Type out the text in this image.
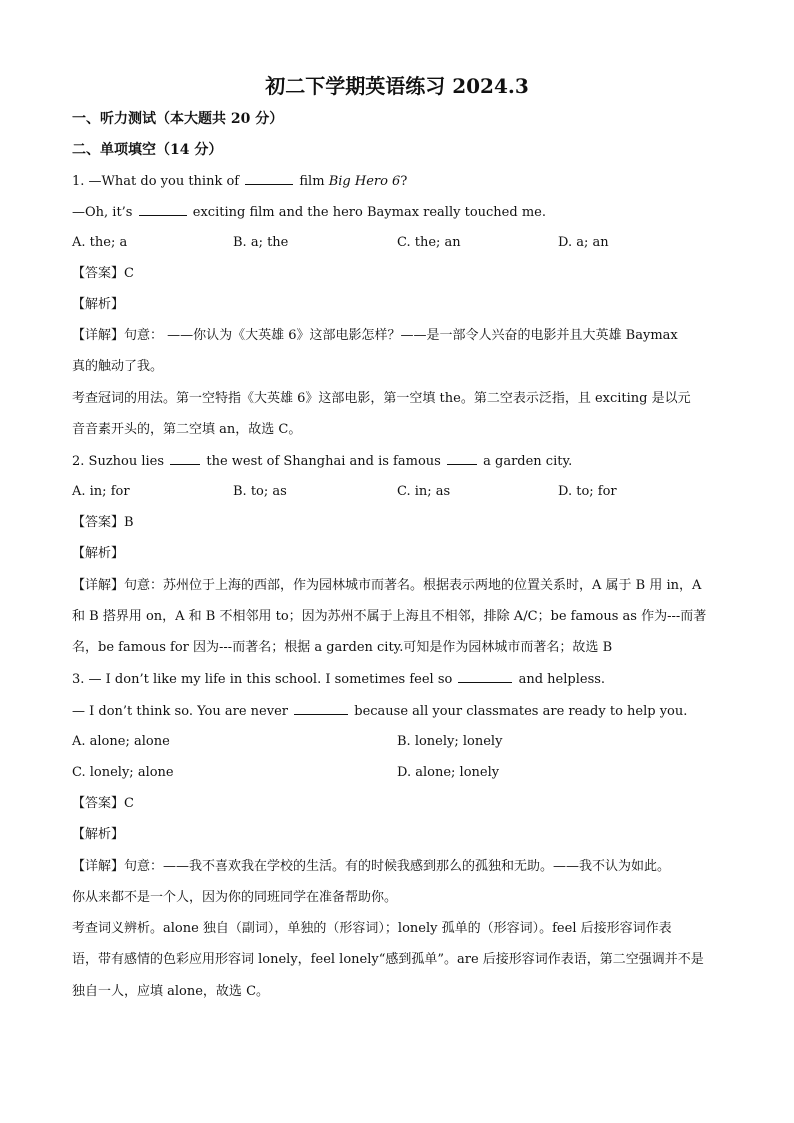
初二下学期英语练习 2024.3
一、听力测试（本大题共 20 分）
二、单项填空（14 分）
1. —What do you think of	film Big Hero 6?
—Oh, it’s	exciting film and the hero Baymax really touched me.
A. the; a	B. a; the	C. the; an	D. a; an
【答案】C
【解析】
【详解】句意： ——你认为《大英雄 6》这部电影怎样？——是一部令人兴奋的电影并且大英雄 Baymax
真的触动了我。
考查冠词的用法。第一空特指《大英雄 6》这部电影，第一空填 the。第二空表示泛指，且 exciting 是以元
音音素开头的，第二空填 an，故选 C。
2. Suzhou lies	the west of Shanghai and is famous	a garden city.
A. in; for	B. to; as	C. in; as	D. to; for
【答案】B
【解析】
【详解】句意：苏州位于上海的西部，作为园林城市而著名。根据表示两地的位置关系时，A 属于 B 用 in，A
和 B 搭界用 on，A 和 B 不相邻用 to；因为苏州不属于上海且不相邻，排除 A/C；be famous as 作为---而著
名，be famous for 因为---而著名；根据 a garden city.可知是作为园林城市而著名；故选 B
3. — I don’t like my life in this school. I sometimes feel so	and helpless.
— I don’t think so. You are never	because all your classmates are ready to help you.
A. alone; alone	B. lonely; lonely
C. lonely; alone	D. alone; lonely
【答案】C
【解析】
【详解】句意：——我不喜欢我在学校的生活。有的时候我感到那么的孤独和无助。——我不认为如此。
你从来都不是一个人，因为你的同班同学在准备帮助你。
考查词义辨析。alone 独自（副词），单独的（形容词）；lonely 孤单的（形容词）。feel 后接形容词作表
语，带有感情的色彩应用形容词 lonely，feel lonely“感到孤单”。are 后接形容词作表语，第二空强调并不是
独自一人，应填 alone，故选 C。
